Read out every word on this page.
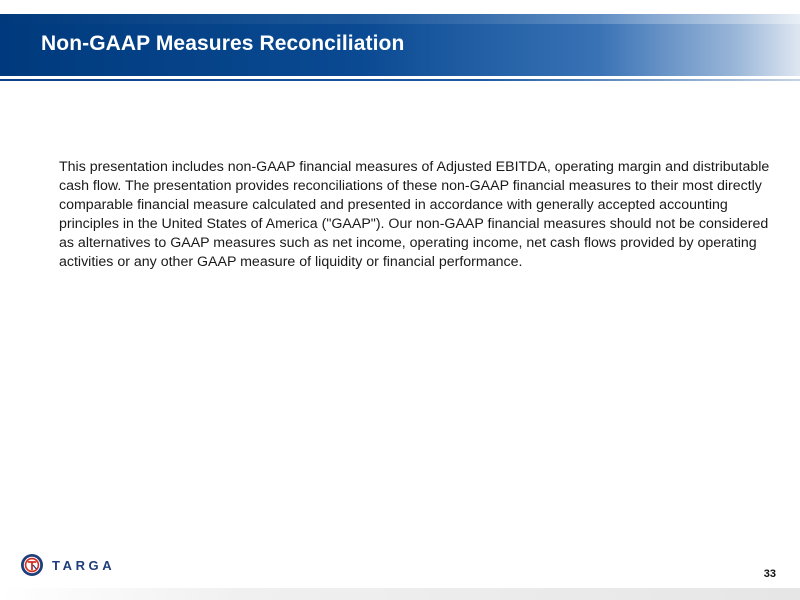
Non-GAAP Measures Reconciliation

This presentation includes non-GAAP financial measures of Adjusted EBITDA, operating margin and distributable cash flow. The presentation provides reconciliations of these non-GAAP financial measures to their most directly comparable financial measure calculated and presented in accordance with generally accepted accounting principles in the United States of America ("GAAP"). Our non-GAAP financial measures should not be considered as alternatives to GAAP measures such as net income, operating income, net cash flows provided by operating activities or any other GAAP measure of liquidity or financial performance.

TARGA
33
